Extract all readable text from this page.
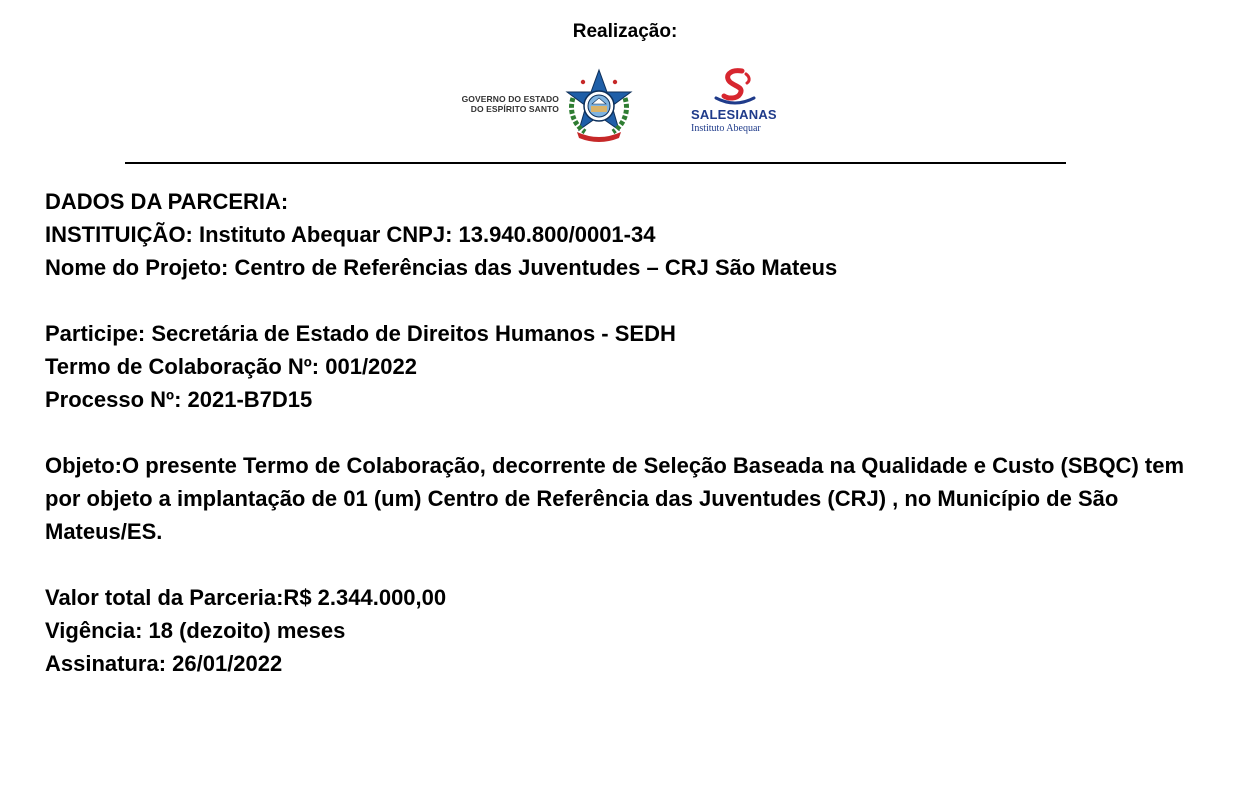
Realização:
GOVERNO DO ESTADO
DO ESPÍRITO SANTO	SALESIANAS
Instituto Abequar
DADOS DA PARCERIA:
INSTITUIÇÃO: Instituto Abequar CNPJ: 13.940.800/0001-34
Nome do Projeto: Centro de Referências das Juventudes – CRJ São Mateus
Participe: Secretária de Estado de Direitos Humanos - SEDH
Termo de Colaboração Nº: 001/2022
Processo Nº: 2021-B7D15
Objeto:O presente Termo de Colaboração, decorrente de Seleção Baseada na Qualidade e Custo (SBQC) tem por objeto a implantação de 01 (um) Centro de Referência das Juventudes (CRJ) , no Município de São Mateus/ES.
Valor total da Parceria:R$ 2.344.000,00
Vigência: 18 (dezoito) meses
Assinatura: 26/01/2022
